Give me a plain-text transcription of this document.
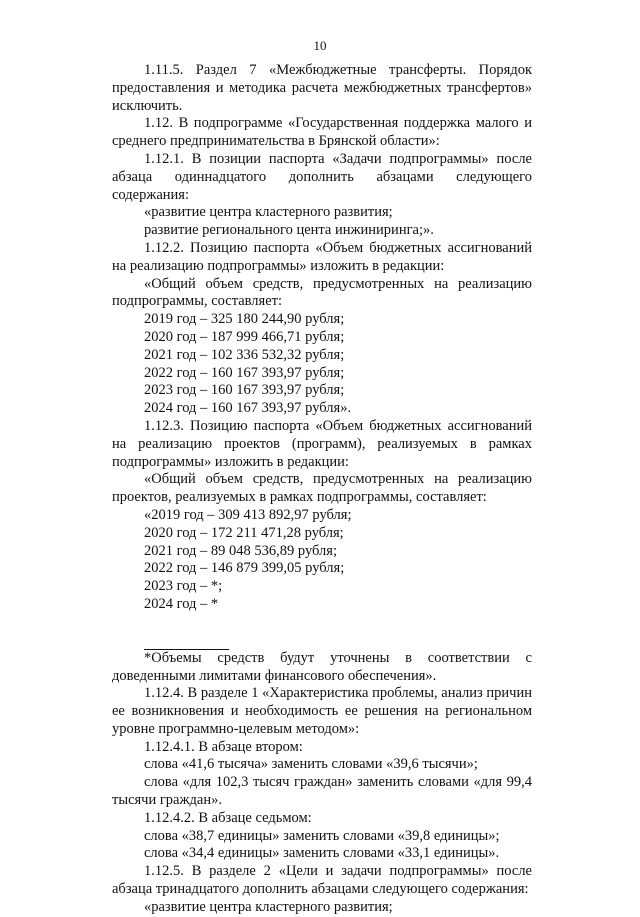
10
1.11.5. Раздел 7 «Межбюджетные трансферты. Порядок предоставления и методика расчета межбюджетных трансфертов» исключить.
1.12. В подпрограмме «Государственная поддержка малого и среднего предпринимательства в Брянской области»:
1.12.1. В позиции паспорта «Задачи подпрограммы» после абзаца одиннадцатого дополнить абзацами следующего содержания:
«развитие центра кластерного развития;
развитие регионального цента инжиниринга;».
1.12.2. Позицию паспорта «Объем бюджетных ассигнований на реализацию подпрограммы» изложить в редакции:
«Общий объем средств, предусмотренных на реализацию подпрограммы, составляет:
2019 год – 325 180 244,90 рубля;
2020 год – 187 999 466,71 рубля;
2021 год – 102 336 532,32 рубля;
2022 год – 160 167 393,97 рубля;
2023 год – 160 167 393,97 рубля;
2024 год – 160 167 393,97 рубля».
1.12.3. Позицию паспорта «Объем бюджетных ассигнований на реализацию проектов (программ), реализуемых в рамках подпрограммы» изложить в редакции:
«Общий объем средств, предусмотренных на реализацию проектов, реализуемых в рамках подпрограммы, составляет:
«2019 год – 309 413 892,97 рубля;
2020 год – 172 211 471,28 рубля;
2021 год – 89 048 536,89 рубля;
2022 год – 146 879 399,05 рубля;
2023 год – *;
2024 год – *
*Объемы средств будут уточнены в соответствии с доведенными лимитами финансового обеспечения».
1.12.4. В разделе 1 «Характеристика проблемы, анализ причин ее возникновения и необходимость ее решения на региональном уровне программно-целевым методом»:
1.12.4.1. В абзаце втором:
слова «41,6 тысяча» заменить словами «39,6 тысячи»;
слова «для 102,3 тысяч граждан» заменить словами «для 99,4 тысячи граждан».
1.12.4.2. В абзаце седьмом:
слова «38,7 единицы» заменить словами «39,8 единицы»;
слова «34,4 единицы» заменить словами «33,1 единицы».
1.12.5. В разделе 2 «Цели и задачи подпрограммы» после абзаца тринадцатого дополнить абзацами следующего содержания:
«развитие центра кластерного развития;
